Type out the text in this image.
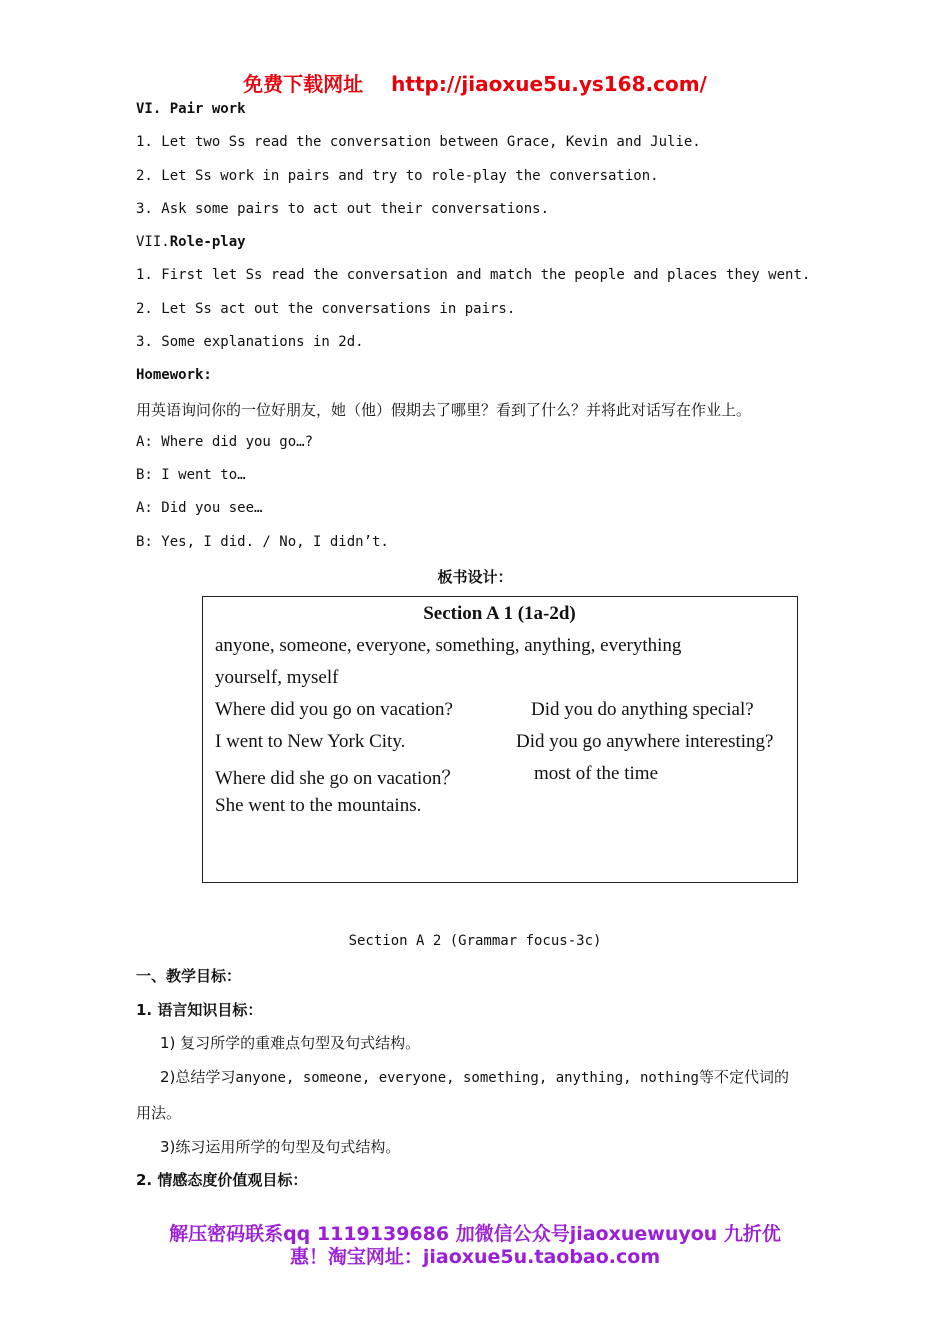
免费下载网址 http://jiaoxue5u.ys168.com/
VI. Pair work
1. Let two Ss read the conversation between Grace, Kevin and Julie.
2. Let Ss work in pairs and try to role-play the conversation.
3. Ask some pairs to act out their conversations.
VII.Role-play
1. First let Ss read the conversation and match the people and places they went.
2. Let Ss act out the conversations in pairs.
3. Some explanations in 2d.
Homework:
用英语询问你的一位好朋友，她（他）假期去了哪里？看到了什么？并将此对话写在作业上。
A: Where did you go…?
B: I went to…
A: Did you see…
B: Yes, I did. / No, I didn’t.
板书设计：
Section A 1 (1a-2d)
anyone, someone, everyone, something, anything, everything
yourself, myself
Where did you go on vacation?
I went to New York City.
Where did she go on vacation？
She went to the mountains.
Did you do anything special?
Did you go anywhere interesting?
most of the time
Section A 2 (Grammar focus-3c)
一、教学目标：
1. 语言知识目标：
1) 复习所学的重难点句型及句式结构。
2)总结学习anyone, someone, everyone, something, anything, nothing等不定代词的
用法。
3)练习运用所学的句型及句式结构。
2. 情感态度价值观目标：
解压密码联系qq 1119139686 加微信公众号jiaoxuewuyou 九折优
惠！淘宝网址：jiaoxue5u.taobao.com
